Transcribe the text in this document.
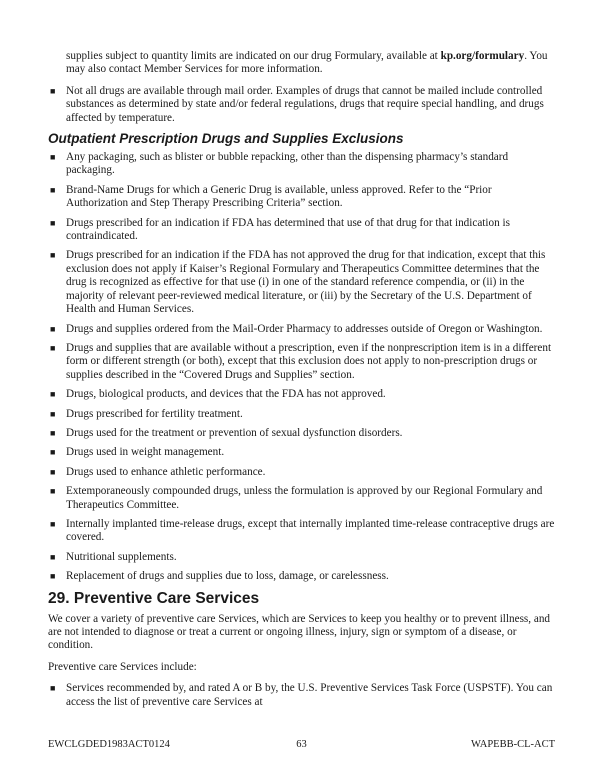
supplies subject to quantity limits are indicated on our drug Formulary, available at kp.org/formulary. You may also contact Member Services for more information.

■ Not all drugs are available through mail order. Examples of drugs that cannot be mailed include controlled substances as determined by state and/or federal regulations, drugs that require special handling, and drugs affected by temperature.
Outpatient Prescription Drugs and Supplies Exclusions
■ Any packaging, such as blister or bubble repacking, other than the dispensing pharmacy’s standard packaging.
■ Brand-Name Drugs for which a Generic Drug is available, unless approved. Refer to the “Prior Authorization and Step Therapy Prescribing Criteria” section.
■ Drugs prescribed for an indication if FDA has determined that use of that drug for that indication is contraindicated.
■ Drugs prescribed for an indication if the FDA has not approved the drug for that indication, except that this exclusion does not apply if Kaiser’s Regional Formulary and Therapeutics Committee determines that the drug is recognized as effective for that use (i) in one of the standard reference compendia, or (ii) in the majority of relevant peer-reviewed medical literature, or (iii) by the Secretary of the U.S. Department of Health and Human Services.
■ Drugs and supplies ordered from the Mail-Order Pharmacy to addresses outside of Oregon or Washington.
■ Drugs and supplies that are available without a prescription, even if the nonprescription item is in a different form or different strength (or both), except that this exclusion does not apply to non-prescription drugs or supplies described in the “Covered Drugs and Supplies” section.
■ Drugs, biological products, and devices that the FDA has not approved.
■ Drugs prescribed for fertility treatment.
■ Drugs used for the treatment or prevention of sexual dysfunction disorders.
■ Drugs used in weight management.
■ Drugs used to enhance athletic performance.
■ Extemporaneously compounded drugs, unless the formulation is approved by our Regional Formulary and Therapeutics Committee.
■ Internally implanted time-release drugs, except that internally implanted time-release contraceptive drugs are covered.
■ Nutritional supplements.
■ Replacement of drugs and supplies due to loss, damage, or carelessness.
29. Preventive Care Services

We cover a variety of preventive care Services, which are Services to keep you healthy or to prevent illness, and are not intended to diagnose or treat a current or ongoing illness, injury, sign or symptom of a disease, or condition.

Preventive care Services include:

■ Services recommended by, and rated A or B by, the U.S. Preventive Services Task Force (USPSTF). You can access the list of preventive care Services at
EWCLGDED1983ACT0124	63	WAPEBB-CL-ACT
